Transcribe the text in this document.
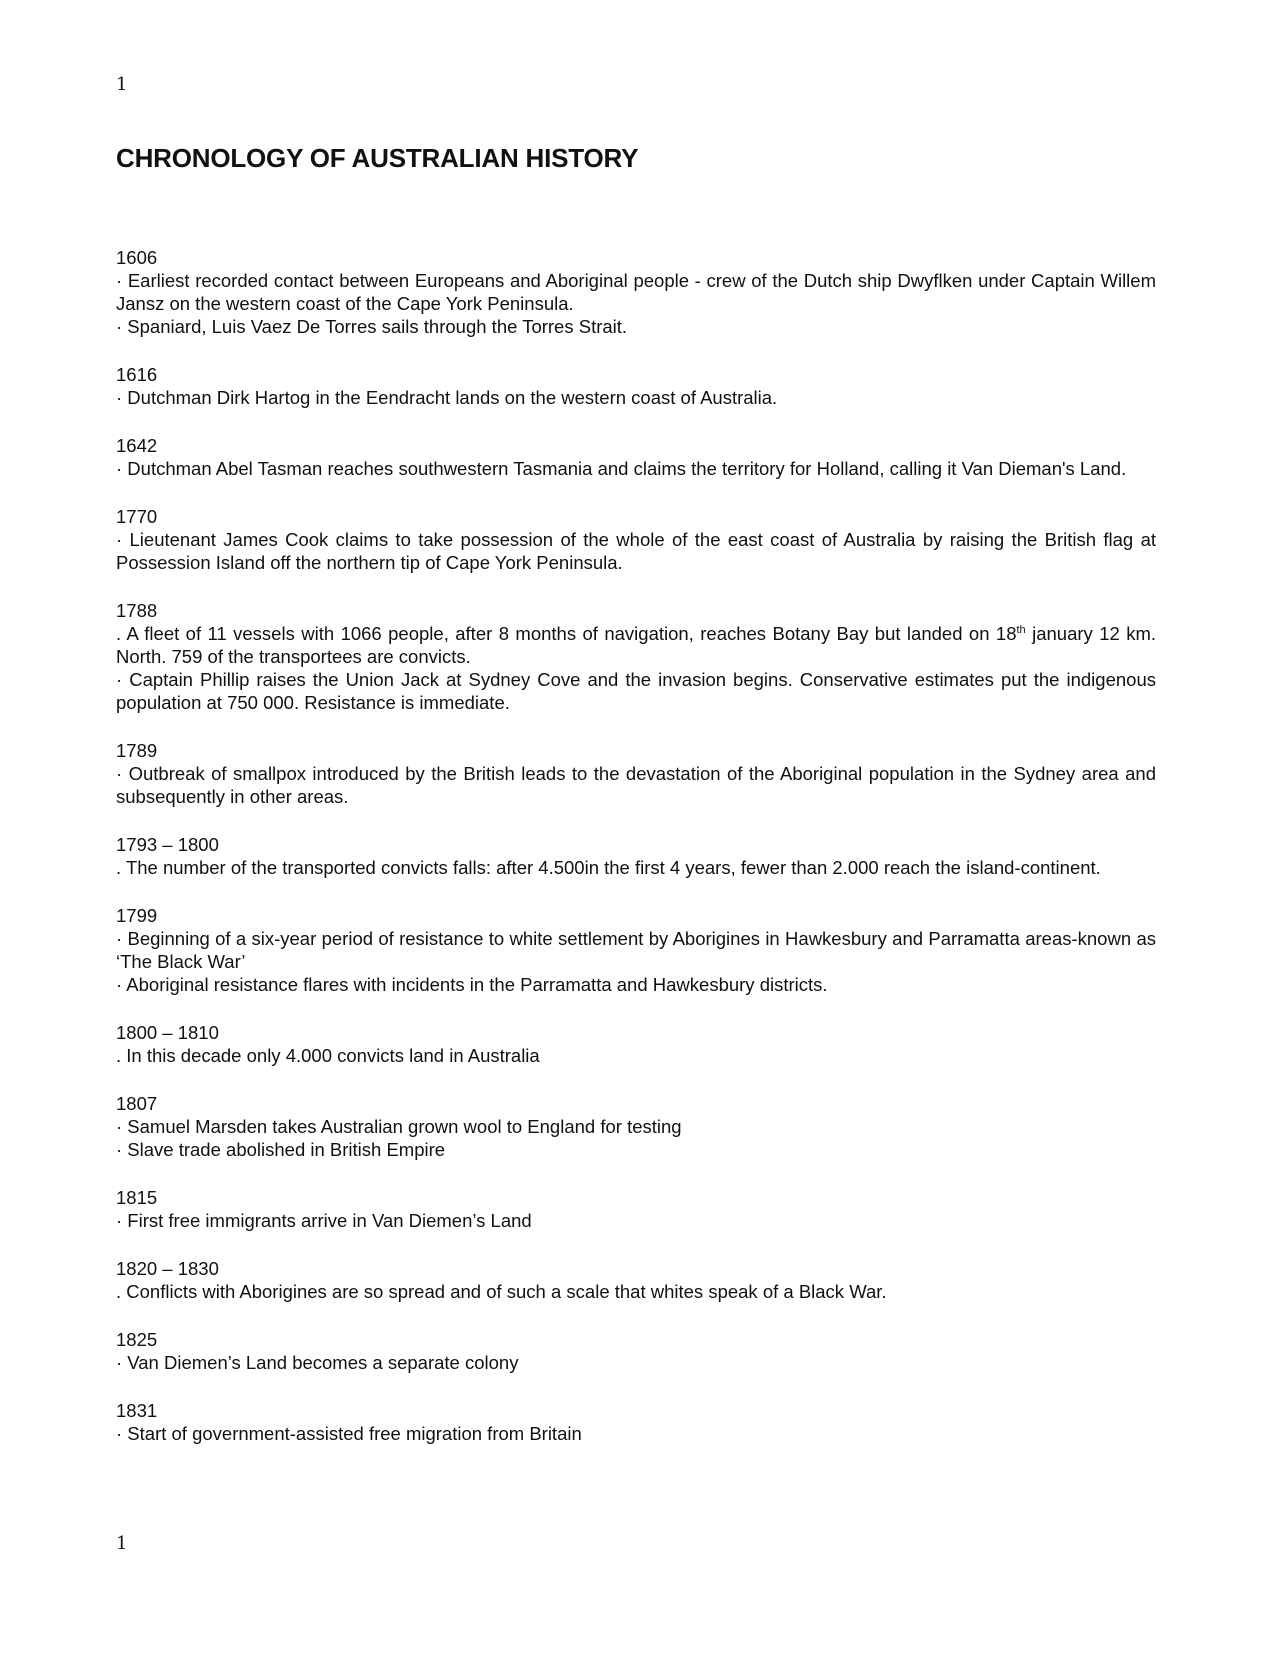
1
CHRONOLOGY OF AUSTRALIAN HISTORY
1606
· Earliest recorded contact between Europeans and Aboriginal people - crew of the Dutch ship Dwyflken under Captain Willem Jansz on the western coast of the Cape York Peninsula.
· Spaniard, Luis Vaez De Torres sails through the Torres Strait.
1616
· Dutchman Dirk Hartog in the Eendracht lands on the western coast of Australia.
1642
· Dutchman Abel Tasman reaches southwestern Tasmania and claims the territory for Holland, calling it Van Dieman's Land.
1770
· Lieutenant James Cook claims to take possession of the whole of the east coast of Australia by raising the British flag at Possession Island off the northern tip of Cape York Peninsula.
1788
. A fleet of 11 vessels with 1066 people, after 8 months of navigation, reaches Botany Bay but landed on 18th january 12 km. North. 759 of the transportees are convicts.
· Captain Phillip raises the Union Jack at Sydney Cove and the invasion begins. Conservative estimates put the indigenous population at 750 000. Resistance is immediate.
1789
· Outbreak of smallpox introduced by the British leads to the devastation of the Aboriginal population in the Sydney area and subsequently in other areas.
1793 – 1800
. The number of the transported convicts falls: after 4.500in the first 4 years, fewer than 2.000 reach the island-continent.
1799
· Beginning of a six-year period of resistance to white settlement by Aborigines in Hawkesbury and Parramatta areas-known as ‘The Black War’
· Aboriginal resistance flares with incidents in the Parramatta and Hawkesbury districts.
1800 – 1810
. In this decade only 4.000 convicts land in Australia
1807
· Samuel Marsden takes Australian grown wool to England for testing
· Slave trade abolished in British Empire
1815
· First free immigrants arrive in Van Diemen’s Land
1820 – 1830
. Conflicts with Aborigines are so spread and of such a scale that whites speak of a Black War.
1825
· Van Diemen’s Land becomes a separate colony
1831
· Start of government-assisted free migration from Britain
1
